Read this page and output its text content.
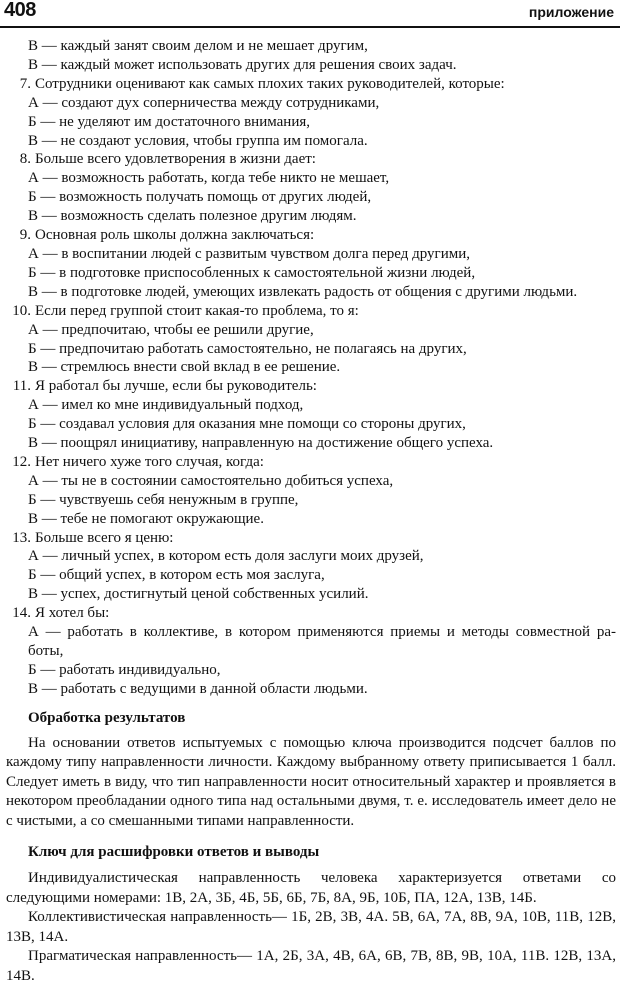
408	приложение
В — каждый занят своим делом и не мешает другим,
В — каждый может использовать других для решения своих задач.
7. Сотрудники оценивают как самых плохих таких руководителей, которые:
А — создают дух соперничества между сотрудниками,
Б — не уделяют им достаточного внимания,
В — не создают условия, чтобы группа им помогала.
8. Больше всего удовлетворения в жизни дает:
А — возможность работать, когда тебе никто не мешает,
Б — возможность получать помощь от других людей,
В — возможность сделать полезное другим людям.
9. Основная роль школы должна заключаться:
А — в воспитании людей с развитым чувством долга перед другими,
Б — в подготовке приспособленных к самостоятельной жизни людей,
В — в подготовке людей, умеющих извлекать радость от общения с другими людьми.
10. Если перед группой стоит какая-то проблема, то я:
А — предпочитаю, чтобы ее решили другие,
Б — предпочитаю работать самостоятельно, не полагаясь на других,
В — стремлюсь внести свой вклад в ее решение.
11. Я работал бы лучше, если бы руководитель:
А — имел ко мне индивидуальный подход,
Б — создавал условия для оказания мне помощи со стороны других,
В — поощрял инициативу, направленную на достижение общего успеха.
12. Нет ничего хуже того случая, когда:
А — ты не в состоянии самостоятельно добиться успеха,
Б — чувствуешь себя ненужным в группе,
В — тебе не помогают окружающие.
13. Больше всего я ценю:
А — личный успех, в котором есть доля заслуги моих друзей,
Б — общий успех, в котором есть моя заслуга,
В — успех, достигнутый ценой собственных усилий.
14. Я хотел бы:
А — работать в коллективе, в котором применяются приемы и методы совместной ра-
боты,
Б — работать индивидуально,
В — работать с ведущими в данной области людьми.
Обработка результатов

На основании ответов испытуемых с помощью ключа производится подсчет баллов по каждому типу направленности личности. Каждому выбранному ответу приписывается 1 балл. Следует иметь в виду, что тип направленности носит относительный характер и проявляется в некотором преобладании одного типа над остальными двумя, т. е. исследователь имеет дело не с чистыми, а со смешанными типами направленности.

Ключ для расшифровки ответов и выводы

Индивидуалистическая направленность человека характеризуется ответами со следующими номерами: 1В, 2А, 3Б, 4Б, 5Б, 6Б, 7Б, 8А, 9Б, 10Б, ПА, 12А, 13В, 14Б.

Коллективистическая направленность— 1Б, 2В, 3В, 4А. 5В, 6А, 7А, 8В, 9А, 10В, 11В, 12В, 13В, 14А.

Прагматическая направленность— 1А, 2Б, 3А, 4В, 6А, 6В, 7В, 8В, 9В, 10А, 11В. 12В, 13А, 14В.
